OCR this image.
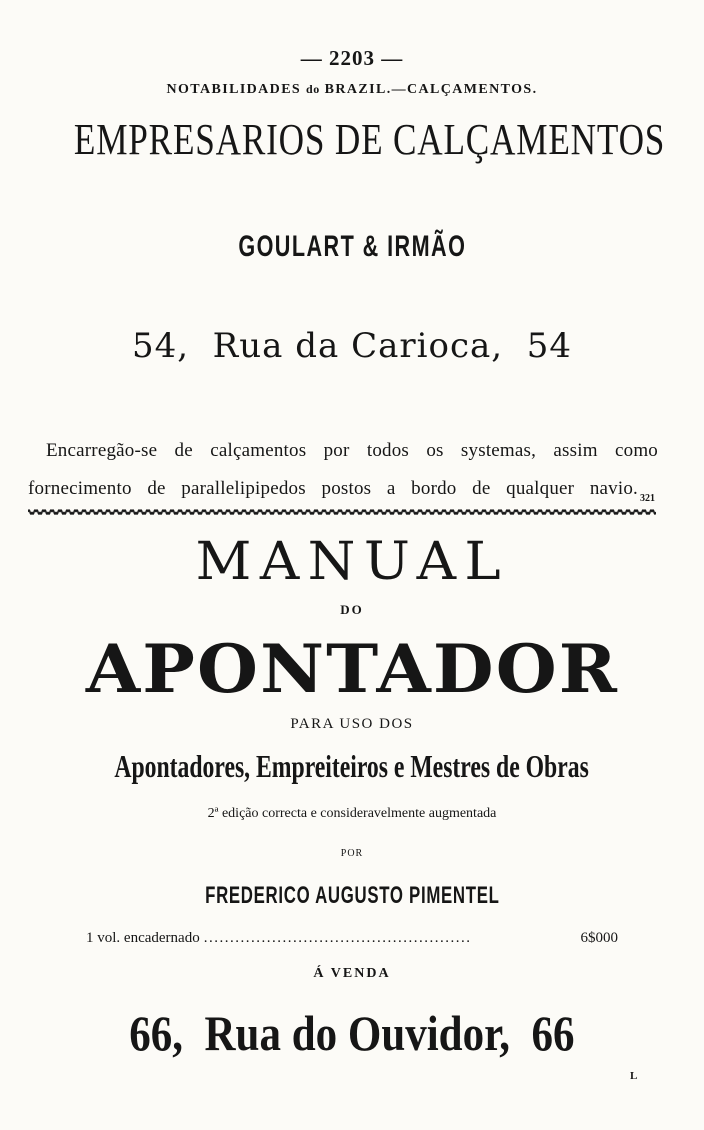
— 2203 —
NOTABILIDADES do BRAZIL.—CALÇAMENTOS.
EMPRESARIOS DE CALÇAMENTOS
GOULART & IRMÃO
54,  Rua da Carioca,  54
Encarregão-se de calçamentos por todos os systemas, assim como
fornecimento de parallelipipedos postos a bordo de qualquer navio. 321
MANUAL
DO
APONTADOR
PARA USO DOS
Apontadores, Empreiteiros e Mestres de Obras
2ª edição correcta e consideravelmente augmentada
POR
FREDERICO AUGUSTO PIMENTEL
1 vol. encadernado ...................................................	6$000
Á VENDA
66,  Rua do Ouvidor,  66
L
